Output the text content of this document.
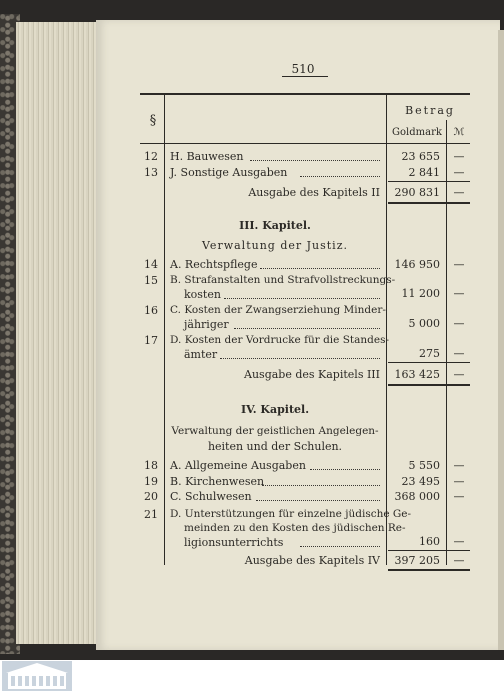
510
§
Betrag
Goldmark	ℳ
12 H. Bauwesen	23 655	—
13 J. Sonstige Ausgaben	2 841	—
Ausgabe des Kapitels II	290 831	—
III. Kapitel.
Verwaltung der Justiz.
14 A. Rechtspflege	146 950	—
15 B. Strafanstalten und Strafvollstreckungs-
kosten	11 200	—
16 C. Kosten der Zwangserziehung Minder-
jähriger	5 000	—
17 D. Kosten der Vordrucke für die Standes-
ämter	275	—
Ausgabe des Kapitels III	163 425	—
IV. Kapitel.
Verwaltung der geistlichen Angelegen-
heiten und der Schulen.
18 A. Allgemeine Ausgaben	5 550	—
19 B. Kirchenwesen	23 495	—
20 C. Schulwesen	368 000	—
21 D. Unterstützungen für einzelne jüdische Ge-
meinden zu den Kosten des jüdischen Re-
ligionsunterrichts	160	—
Ausgabe des Kapitels IV	397 205	—
